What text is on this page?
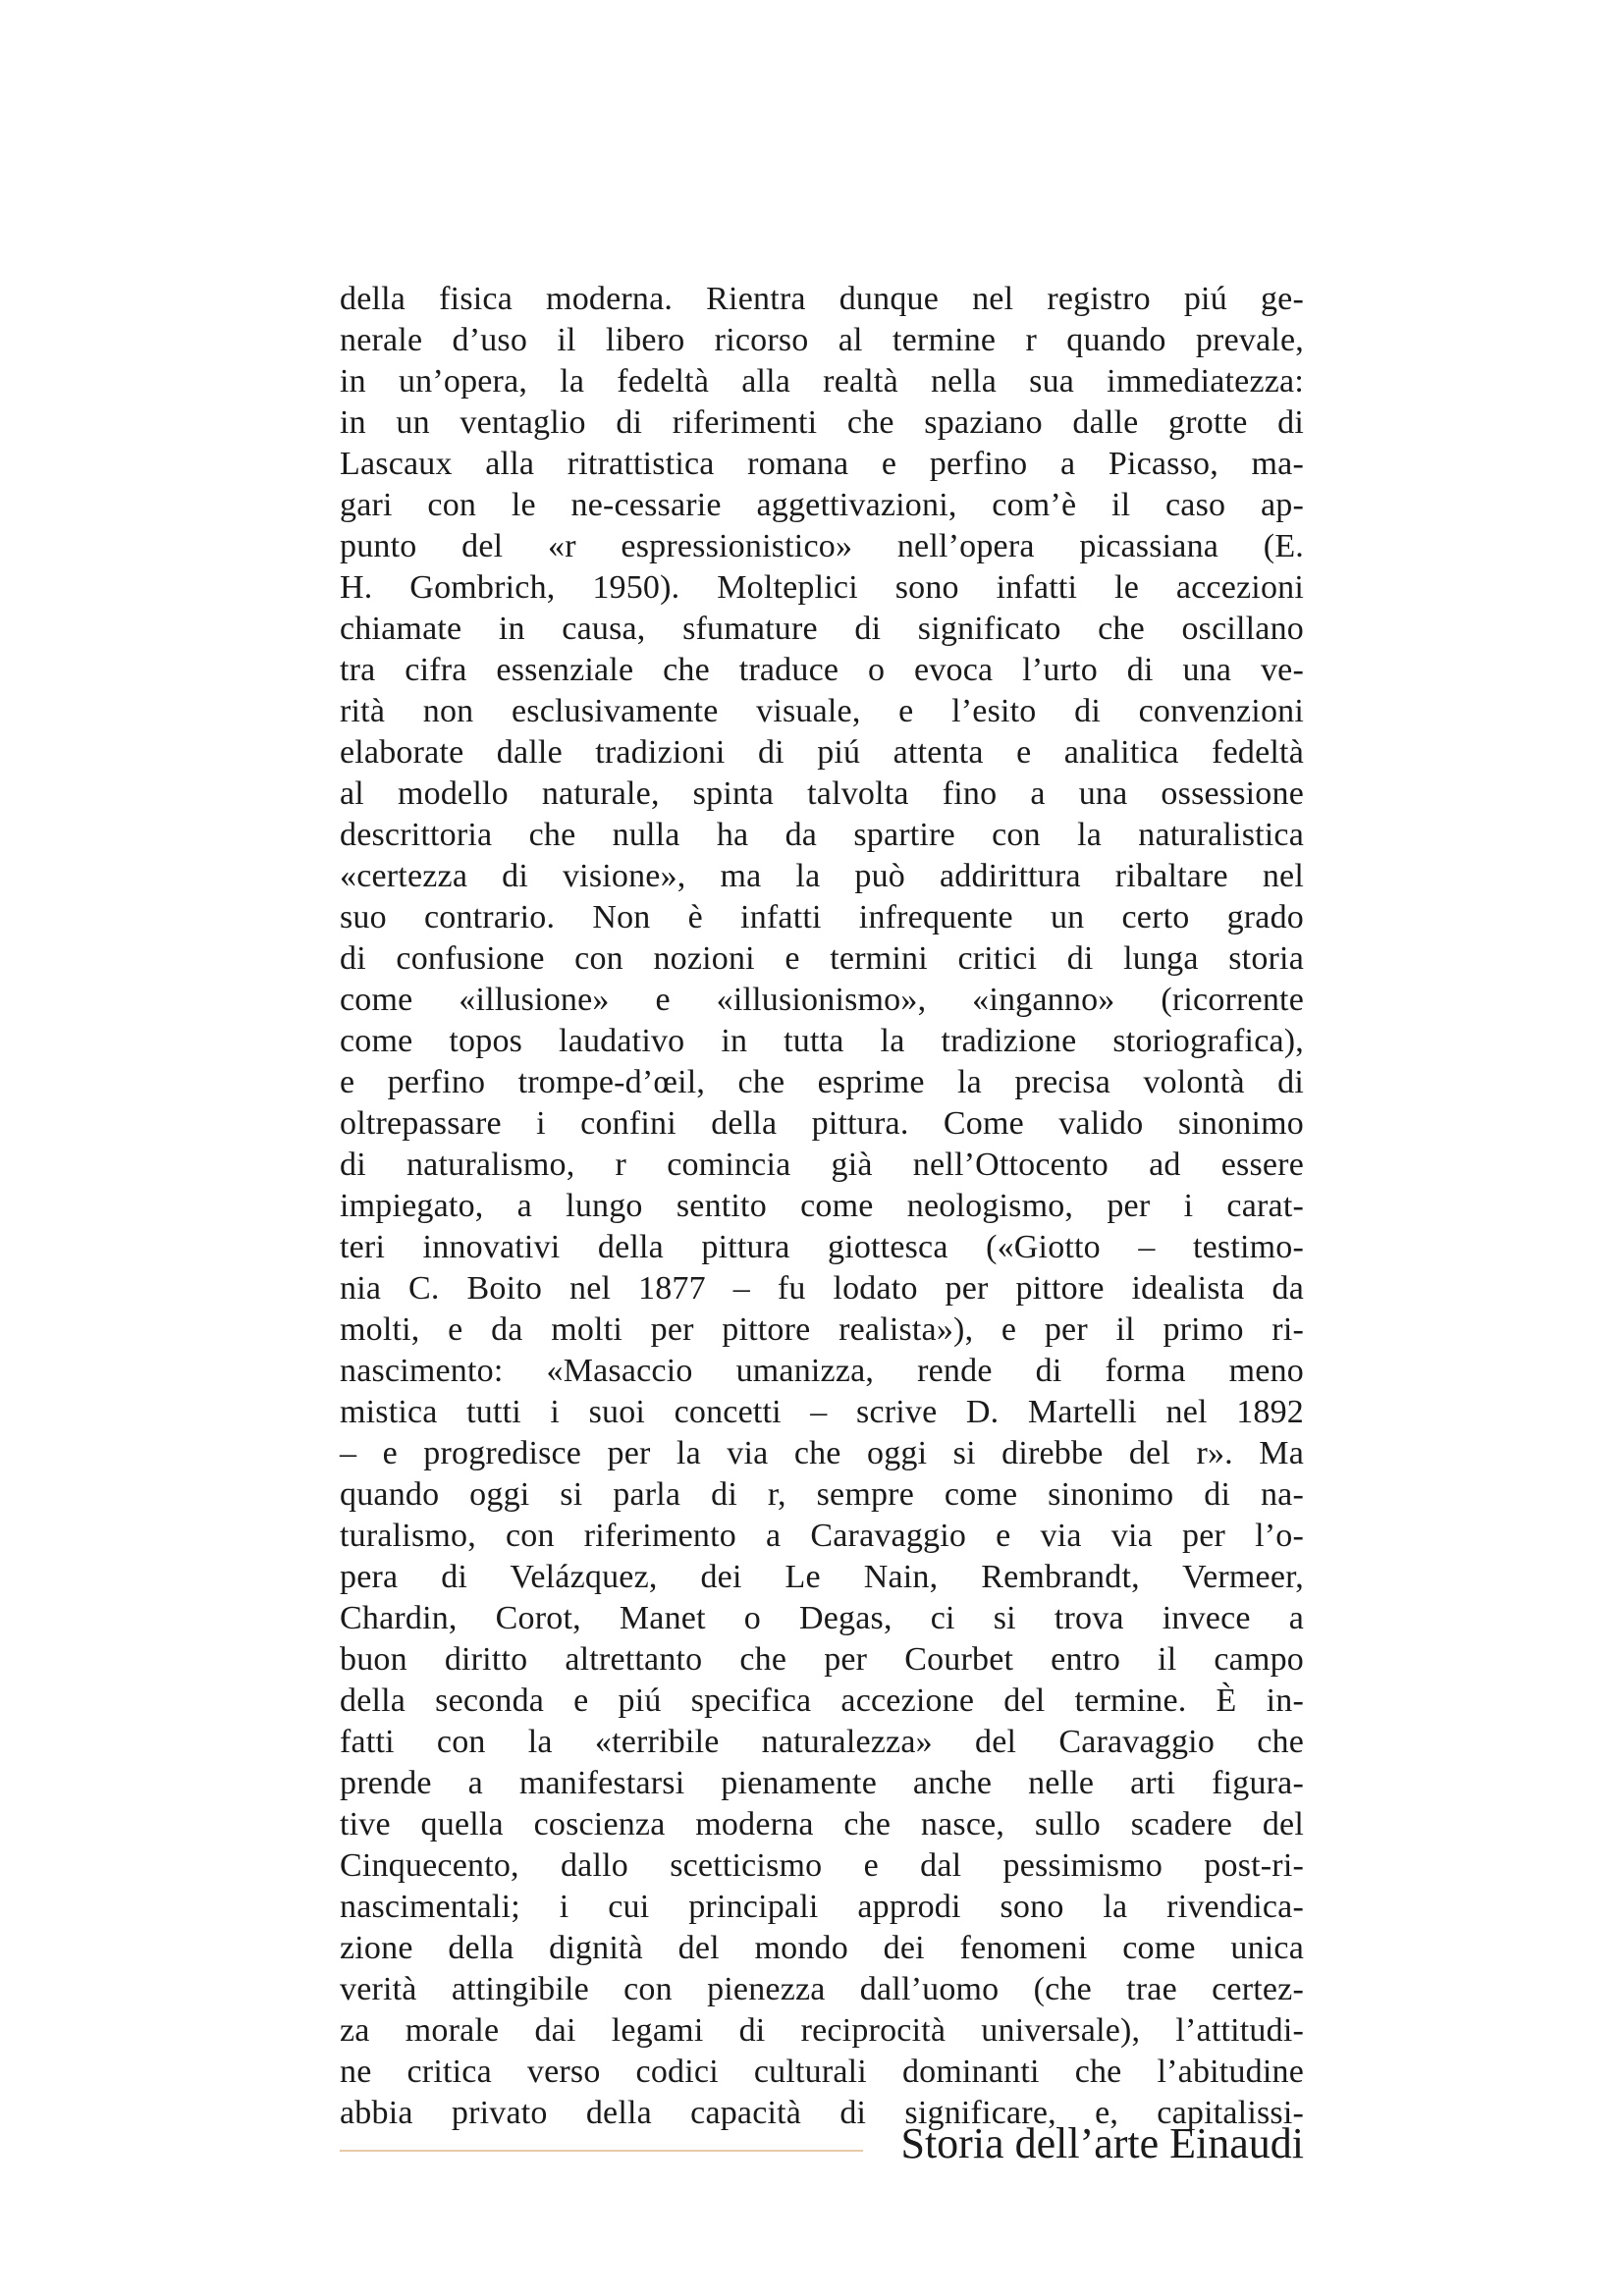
della fisica moderna. Rientra dunque nel registro piú ge-
nerale d’uso il libero ricorso al termine r quando prevale,
in un’opera, la fedeltà alla realtà nella sua immediatezza:
in un ventaglio di riferimenti che spaziano dalle grotte di
Lascaux alla ritrattistica romana e perfino a Picasso, ma-
gari con le ne-cessarie aggettivazioni, com’è il caso ap-
punto del «r espressionistico» nell’opera picassiana (E.
H. Gombrich, 1950). Molteplici sono infatti le accezioni
chiamate in causa, sfumature di significato che oscillano
tra cifra essenziale che traduce o evoca l’urto di una ve-
rità non esclusivamente visuale, e l’esito di convenzioni
elaborate dalle tradizioni di piú attenta e analitica fedeltà
al modello naturale, spinta talvolta fino a una ossessione
descrittoria che nulla ha da spartire con la naturalistica
«certezza di visione», ma la può addirittura ribaltare nel
suo contrario. Non è infatti infrequente un certo grado
di confusione con nozioni e termini critici di lunga storia
come «illusione» e «illusionismo», «inganno» (ricorrente
come topos laudativo in tutta la tradizione storiografica),
e perfino trompe-d’œil, che esprime la precisa volontà di
oltrepassare i confini della pittura. Come valido sinonimo
di naturalismo, r comincia già nell’Ottocento ad essere
impiegato, a lungo sentito come neologismo, per i carat-
teri innovativi della pittura giottesca («Giotto – testimo-
nia C. Boito nel 1877 – fu lodato per pittore idealista da
molti, e da molti per pittore realista»), e per il primo ri-
nascimento: «Masaccio umanizza, rende di forma meno
mistica tutti i suoi concetti – scrive D. Martelli nel 1892
– e progredisce per la via che oggi si direbbe del r». Ma
quando oggi si parla di r, sempre come sinonimo di na-
turalismo, con riferimento a Caravaggio e via via per l’o-
pera di Velázquez, dei Le Nain, Rembrandt, Vermeer,
Chardin, Corot, Manet o Degas, ci si trova invece a
buon diritto altrettanto che per Courbet entro il campo
della seconda e piú specifica accezione del termine. È in-
fatti con la «terribile naturalezza» del Caravaggio che
prende a manifestarsi pienamente anche nelle arti figura-
tive quella coscienza moderna che nasce, sullo scadere del
Cinquecento, dallo scetticismo e dal pessimismo post-ri-
nascimentali; i cui principali approdi sono la rivendica-
zione della dignità del mondo dei fenomeni come unica
verità attingibile con pienezza dall’uomo (che trae certez-
za morale dai legami di reciprocità universale), l’attitudi-
ne critica verso codici culturali dominanti che l’abitudine
abbia privato della capacità di significare, e, capitalissi-
Storia dell’arte Einaudi
